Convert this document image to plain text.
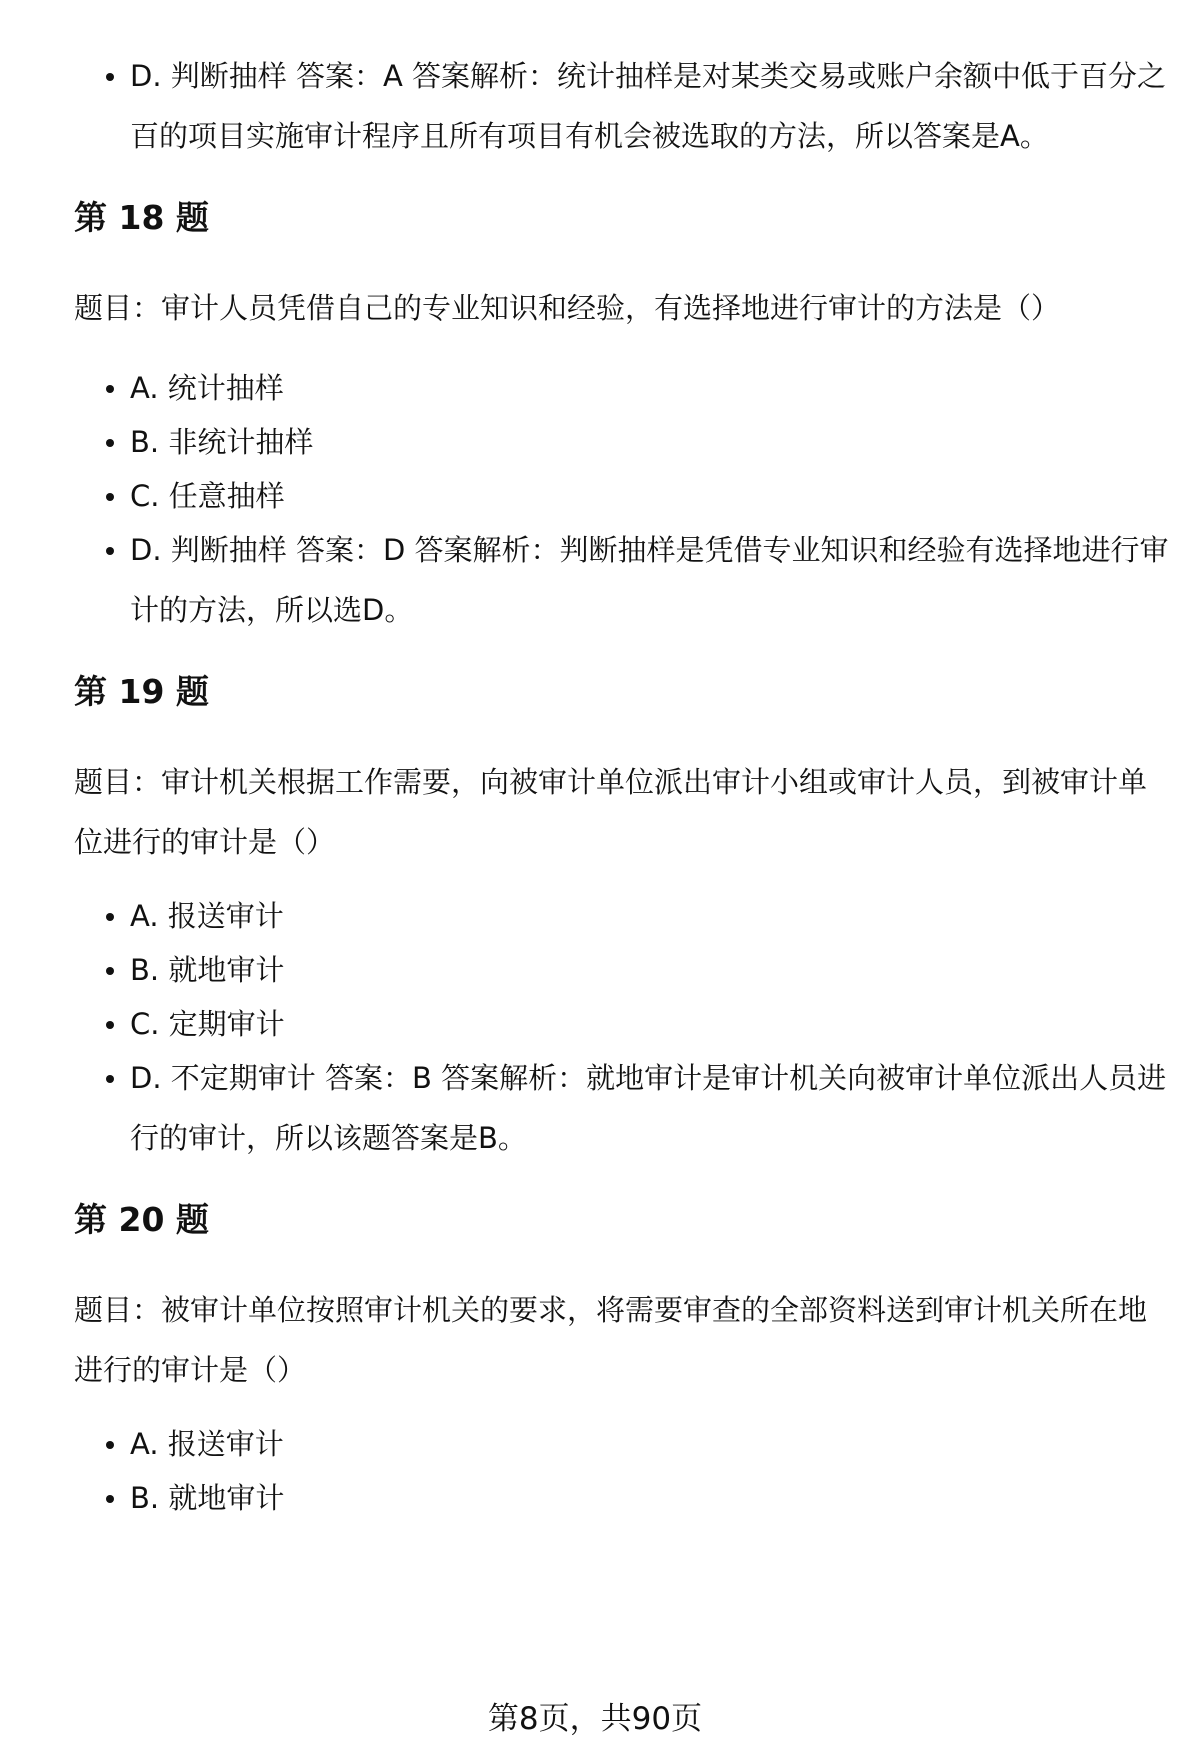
D. 判断抽样 答案：A 答案解析：统计抽样是对某类交易或账户余额中低于百分之百的项目实施审计程序且所有项目有机会被选取的方法，所以答案是A。
第 18 题
题目：审计人员凭借自己的专业知识和经验，有选择地进行审计的方法是（）
A. 统计抽样
B. 非统计抽样
C. 任意抽样
D. 判断抽样 答案：D 答案解析：判断抽样是凭借专业知识和经验有选择地进行审计的方法，所以选D。
第 19 题
题目：审计机关根据工作需要，向被审计单位派出审计小组或审计人员，到被审计单位进行的审计是（）
A. 报送审计
B. 就地审计
C. 定期审计
D. 不定期审计 答案：B 答案解析：就地审计是审计机关向被审计单位派出人员进行的审计，所以该题答案是B。
第 20 题
题目：被审计单位按照审计机关的要求，将需要审查的全部资料送到审计机关所在地进行的审计是（）
A. 报送审计
B. 就地审计
第8页，共90页
